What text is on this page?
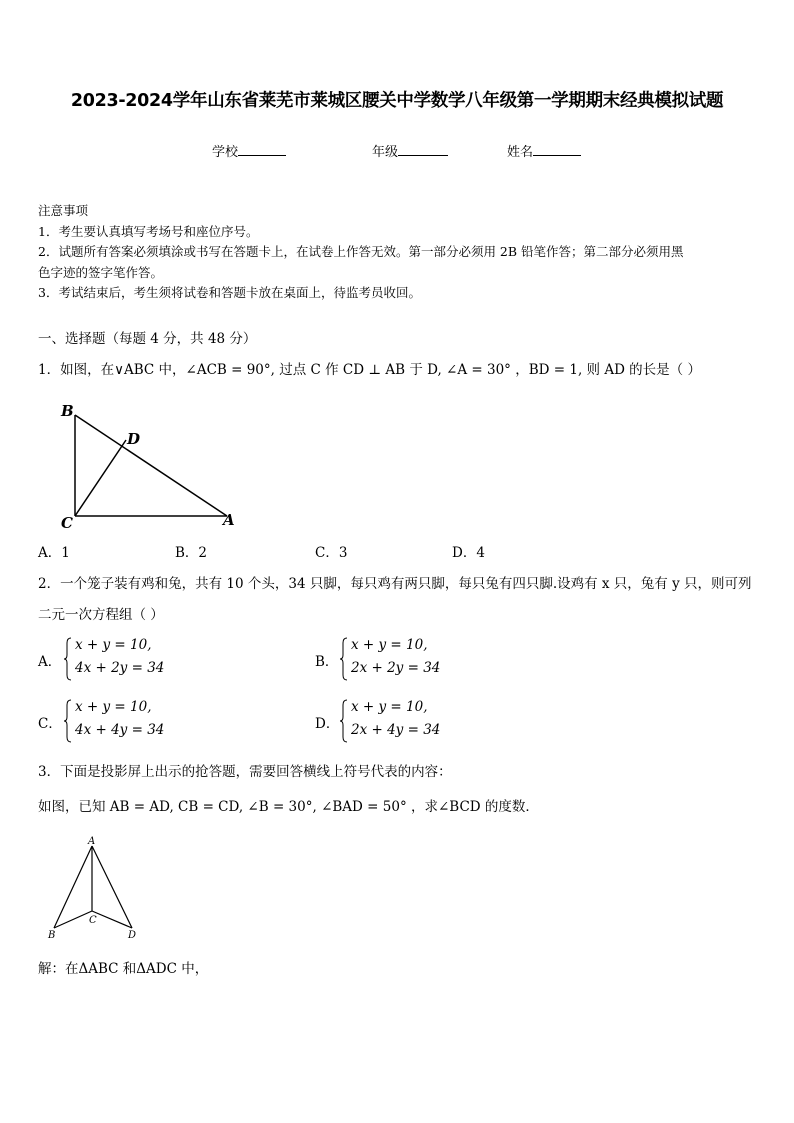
2023-2024学年山东省莱芜市莱城区腰关中学数学八年级第一学期期末经典模拟试题
学校	年级	姓名
注意事项
1．考生要认真填写考场号和座位序号。
2．试题所有答案必须填涂或书写在答题卡上，在试卷上作答无效。第一部分必须用 2B 铅笔作答；第二部分必须用黑
色字迹的签字笔作答。
3．考试结束后，考生须将试卷和答题卡放在桌面上，待监考员收回。
一、选择题（每题 4 分，共 48 分）
1．如图，在∨ABC 中，∠ACB = 90°, 过点 C 作 CD ⊥ AB 于 D, ∠A = 30° ，BD = 1, 则 AD 的长是（ ）
B
D
C	A
A．1	B．2	C．3	D．4
2．一个笼子装有鸡和兔，共有 10 个头，34 只脚，每只鸡有两只脚，每只兔有四只脚.设鸡有 x 只，兔有 y 只，则可列
二元一次方程组（ ）
A．
x + y = 10,
4x + 2y = 34	B．
x + y = 10,
2x + 2y = 34
C．
x + y = 10,
4x + 4y = 34	D．
x + y = 10,
2x + 4y = 34
3．下面是投影屏上出示的抢答题，需要回答横线上符号代表的内容：
如图，已知 AB = AD, CB = CD, ∠B = 30°, ∠BAD = 50° ，求∠BCD 的度数．
A
C
B	D
解：在ΔABC 和ΔADC 中，
